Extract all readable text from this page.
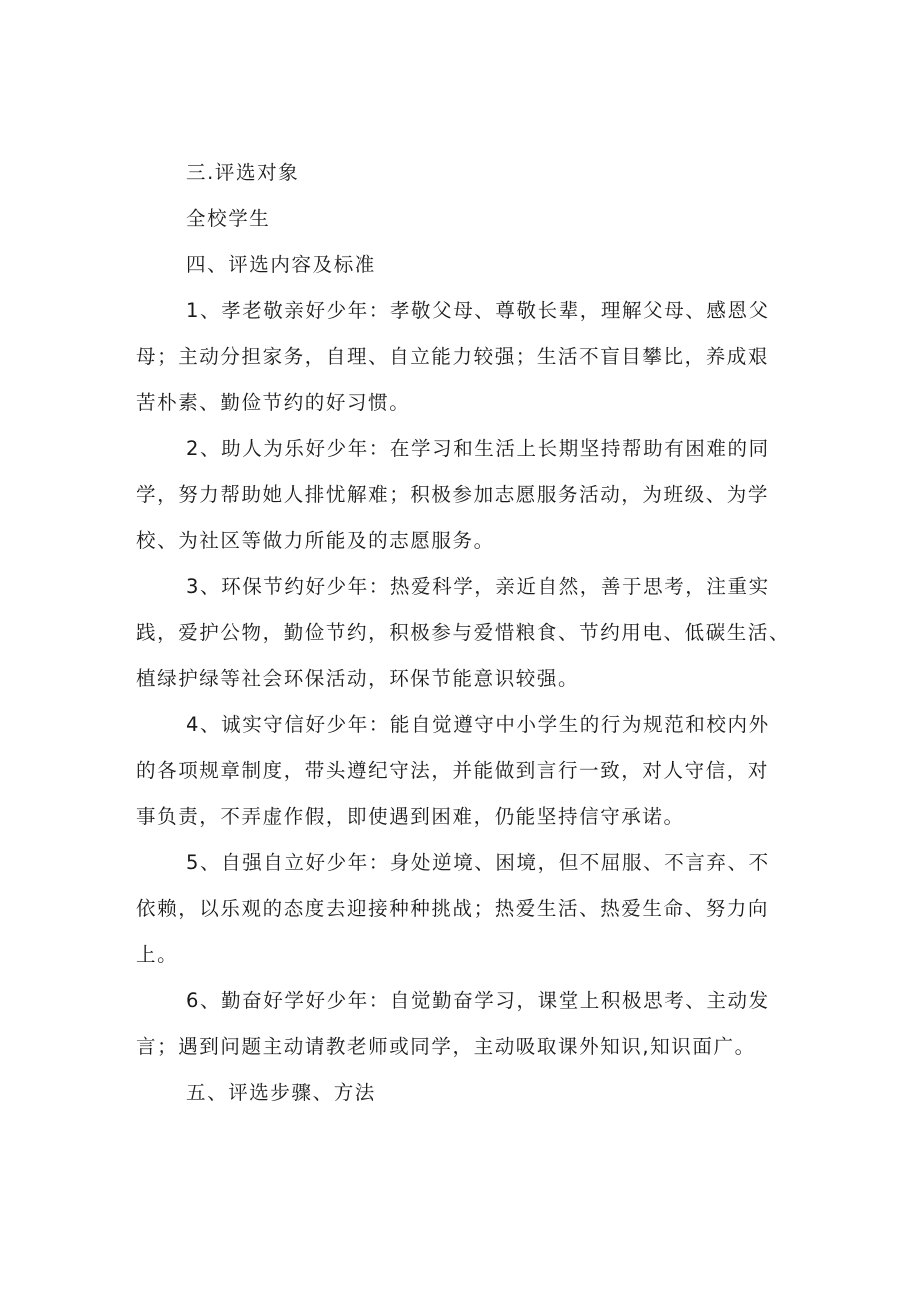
三.评选对象
全校学生
四、评选内容及标准
1、孝老敬亲好少年：孝敬父母、尊敬长辈，理解父母、感恩父
母；主动分担家务，自理、自立能力较强；生活不盲目攀比，养成艰
苦朴素、勤俭节约的好习惯。
2、助人为乐好少年：在学习和生活上长期坚持帮助有困难的同
学，努力帮助她人排忧解难；积极参加志愿服务活动，为班级、为学
校、为社区等做力所能及的志愿服务。
3、环保节约好少年：热爱科学，亲近自然，善于思考，注重实
践，爱护公物，勤俭节约，积极参与爱惜粮食、节约用电、低碳生活、
植绿护绿等社会环保活动，环保节能意识较强。
4、诚实守信好少年：能自觉遵守中小学生的行为规范和校内外
的各项规章制度，带头遵纪守法，并能做到言行一致，对人守信，对
事负责，不弄虚作假，即使遇到困难，仍能坚持信守承诺。
5、自强自立好少年：身处逆境、困境，但不屈服、不言弃、不
依赖，以乐观的态度去迎接种种挑战；热爱生活、热爱生命、努力向
上。
6、勤奋好学好少年：自觉勤奋学习，课堂上积极思考、主动发
言；遇到问题主动请教老师或同学，主动吸取课外知识,知识面广。
五、评选步骤、方法
